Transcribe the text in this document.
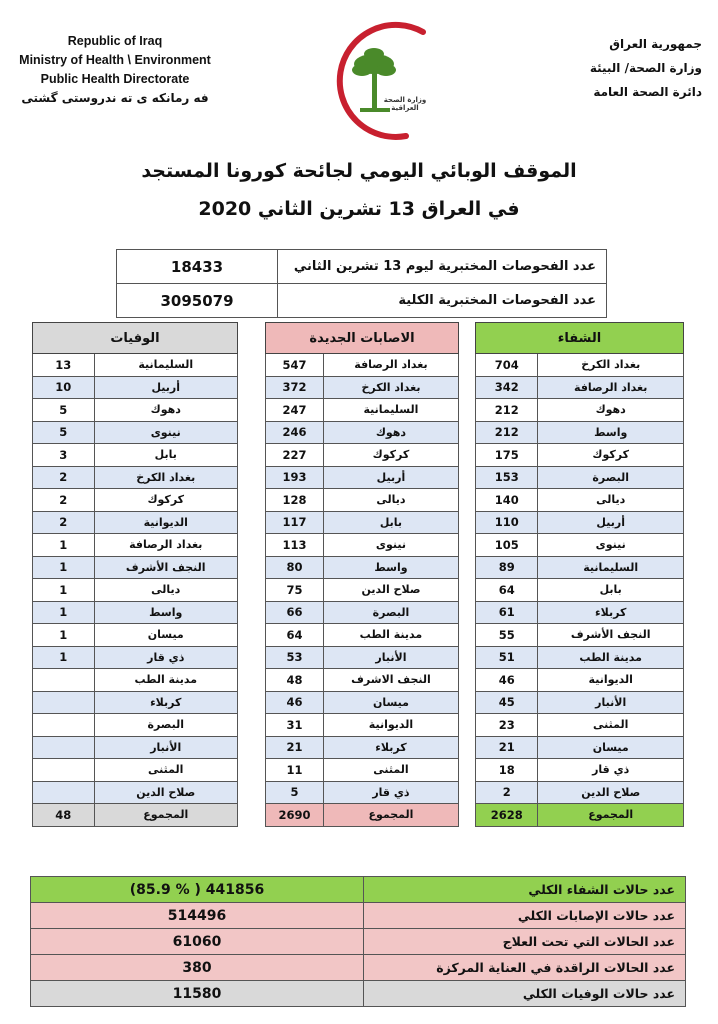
Republic of Iraq
Ministry of Health \ Environment
Public Health Directorate
فه رمانكه ى ته ندروستى گشتى
جمهورية العراق
وزارة الصحة/ البيئة
دائرة الصحة العامة
وزارة الصحة العراقية
الموقف الوبائي اليومي لجائحة كورونا المستجد
في العراق 13 تشرين الثاني 2020
18433	عدد الفحوصات المختبرية ليوم 13 تشرين الثاني
3095079	عدد الفحوصات المختبرية الكلية
الشفاء	
بغداد الكرخ	704
بغداد الرصافة	342
دهوك	212
واسط	212
كركوك	175
البصرة	153
ديالى	140
أربيل	110
نينوى	105
السليمانية	89
بابل	64
كربلاء	61
النجف الأشرف	55
مدينة الطب	51
الديوانية	46
الأنبار	45
المثنى	23
ميسان	21
ذي قار	18
صلاح الدين	2
المجموع	2628
الاصابات الجديدة	
بغداد الرصافة	547
بغداد الكرخ	372
السليمانية	247
دهوك	246
كركوك	227
أربيل	193
ديالى	128
بابل	117
نينوى	113
واسط	80
صلاح الدين	75
البصرة	66
مدينة الطب	64
الأنبار	53
النجف الاشرف	48
ميسان	46
الديوانية	31
كربلاء	21
المثنى	11
ذي قار	5
المجموع	2690
الوفيات	
السليمانية	13
أربيل	10
دهوك	5
نينوى	5
بابل	3
بغداد الكرخ	2
كركوك	2
الديوانية	2
بغداد الرصافة	1
النجف الأشرف	1
ديالى	1
واسط	1
ميسان	1
ذي قار	1
مدينة الطب	
كربلاء	
البصرة	
الأنبار	
المثنى	
صلاح الدين	
المجموع	48
(85.9 % ) 441856	عدد حالات الشفاء الكلي
514496	عدد حالات الإصابات الكلي
61060	عدد الحالات التي تحت العلاج
380	عدد الحالات الراقدة في العناية المركزة
11580	عدد حالات الوفيات الكلي
